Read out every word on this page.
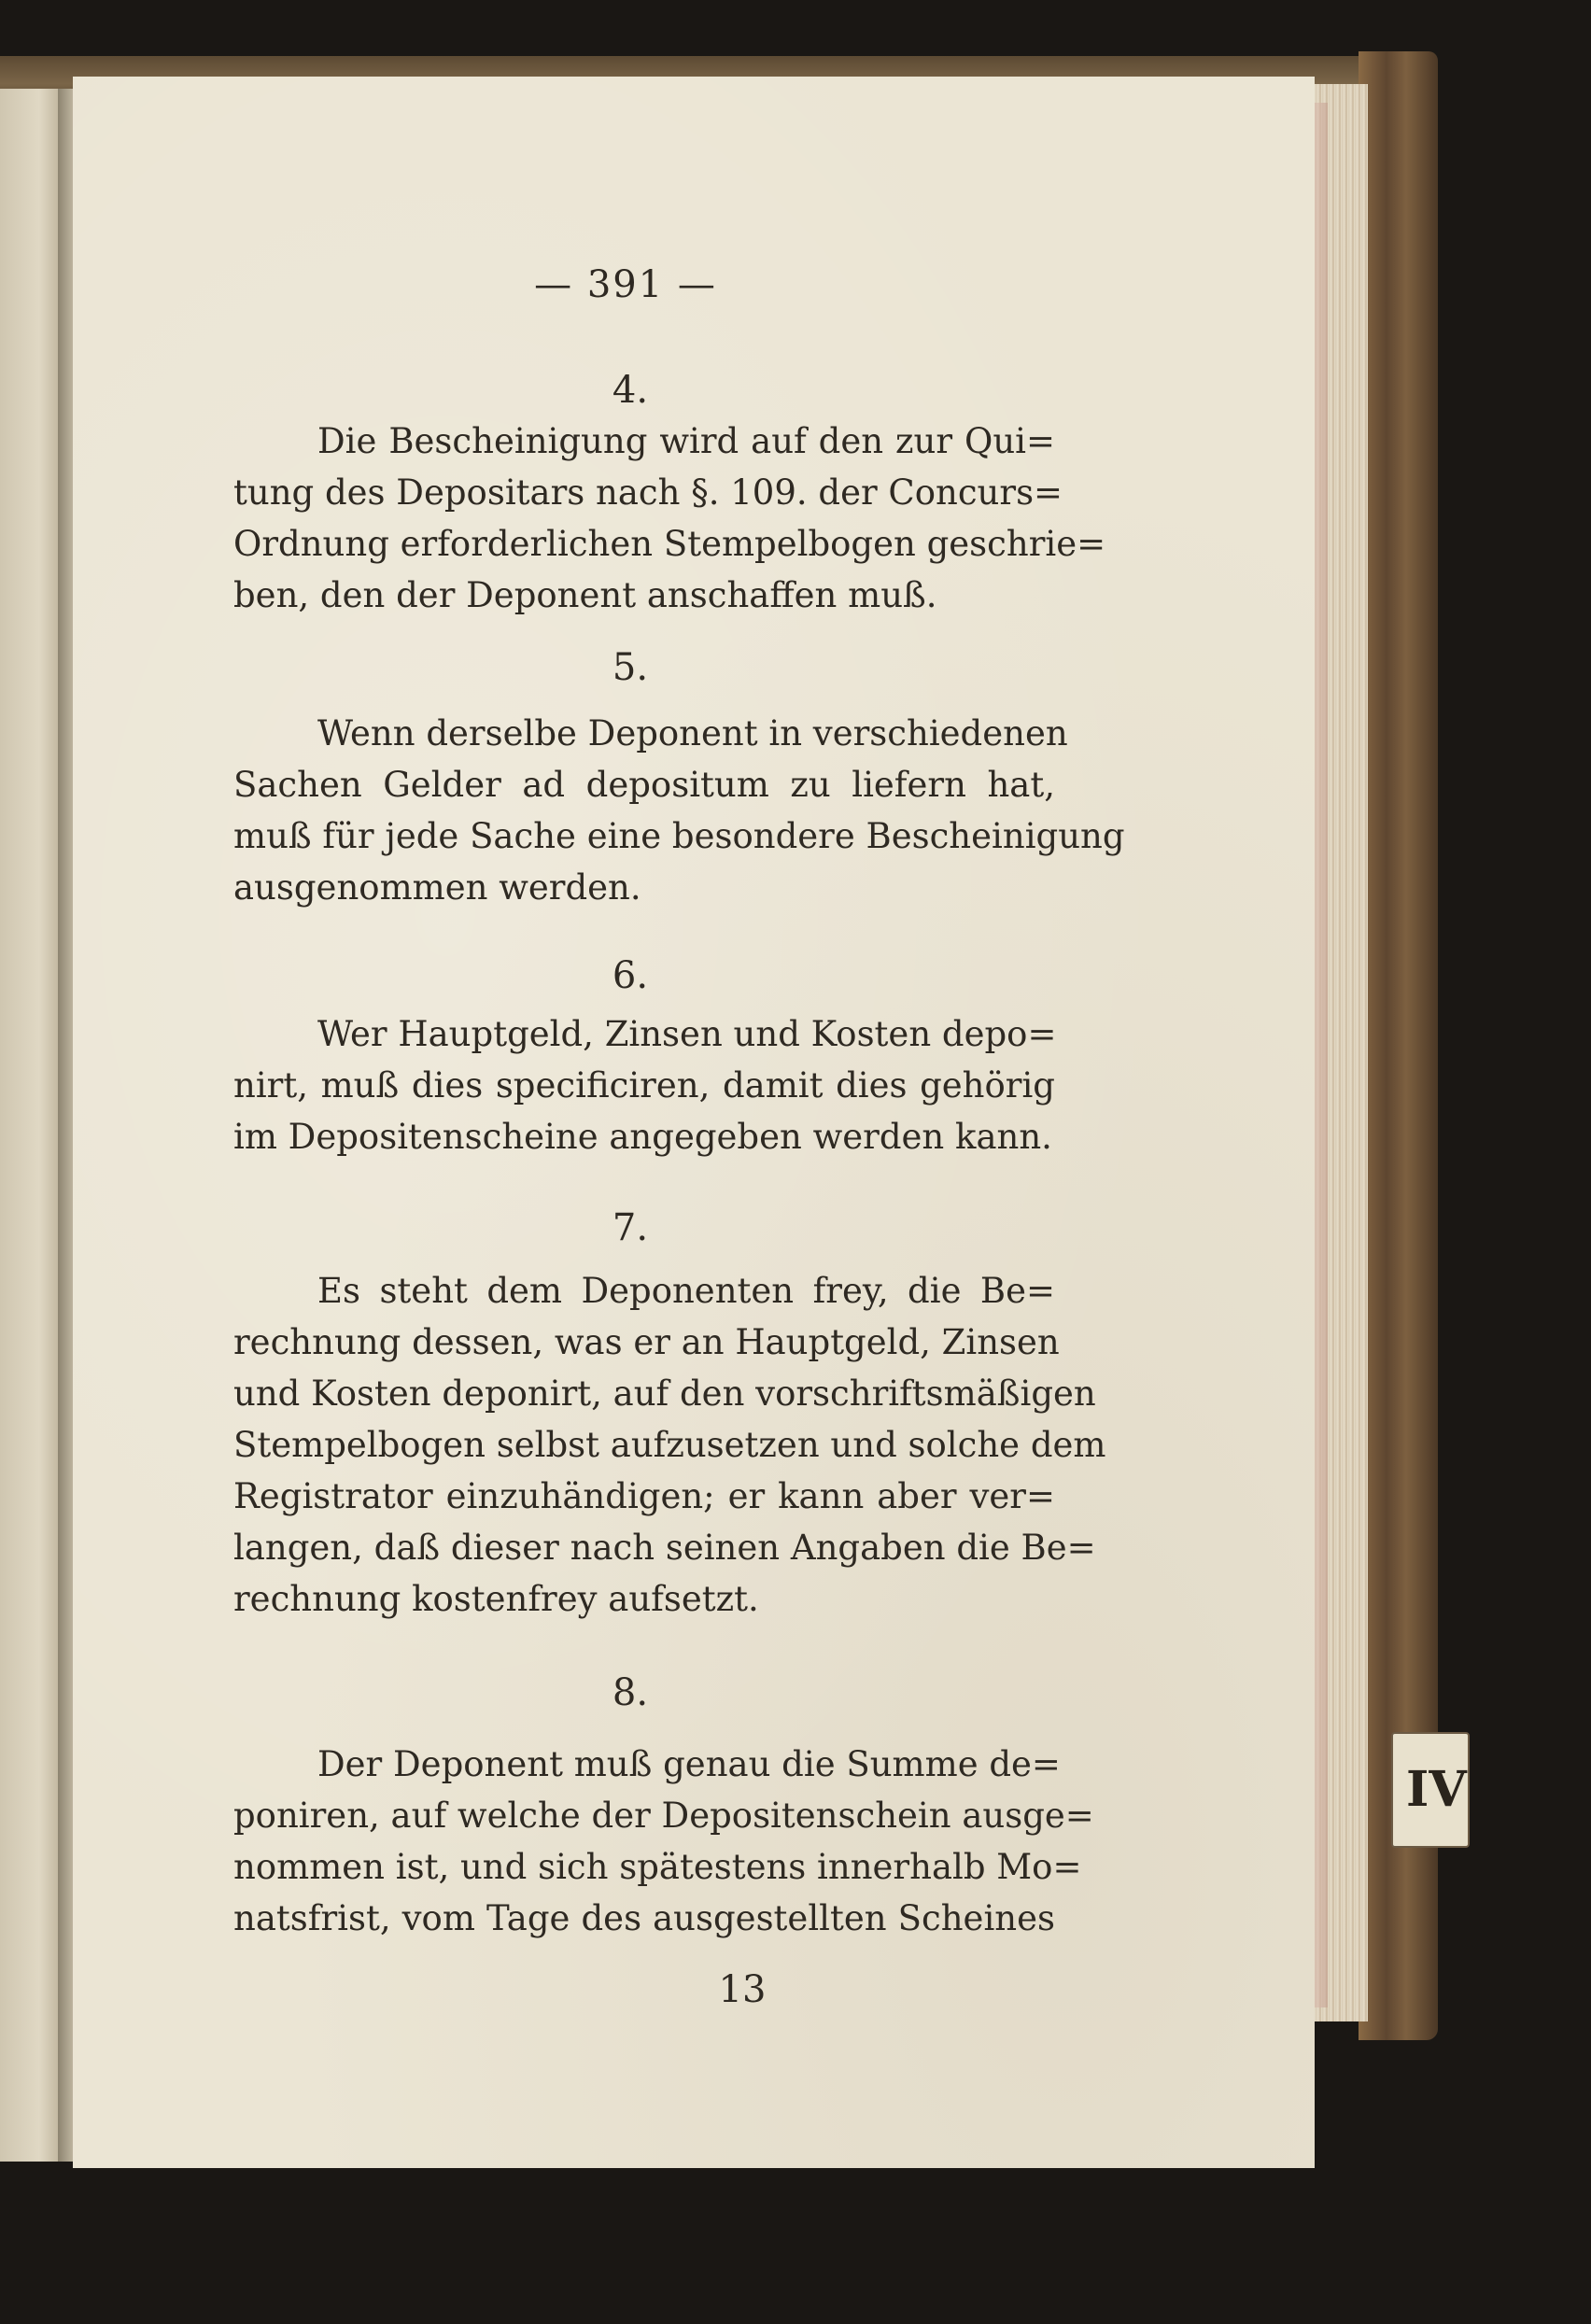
IV
— 391 —
4.
Die Bescheinigung wird auf den zur Qui=
tung des Depositars nach §. 109. der Concurs=
Ordnung erforderlichen Stempelbogen geschrie=
ben, den der Deponent anschaffen muß.
5.
Wenn derselbe Deponent in verschiedenen
Sachen Gelder ad depositum zu liefern hat,
muß für jede Sache eine besondere Bescheinigung
ausgenommen werden.
6.
Wer Hauptgeld, Zinsen und Kosten depo=
nirt, muß dies specificiren, damit dies gehörig
im Depositenscheine angegeben werden kann.
7.
Es steht dem Deponenten frey, die Be=
rechnung dessen, was er an Hauptgeld, Zinsen
und Kosten deponirt, auf den vorschriftsmäßigen
Stempelbogen selbst aufzusetzen und solche dem
Registrator einzuhändigen; er kann aber ver=
langen, daß dieser nach seinen Angaben die Be=
rechnung kostenfrey aufsetzt.
8.
Der Deponent muß genau die Summe de=
poniren, auf welche der Depositenschein ausge=
nommen ist, und sich spätestens innerhalb Mo=
natsfrist, vom Tage des ausgestellten Scheines
13
